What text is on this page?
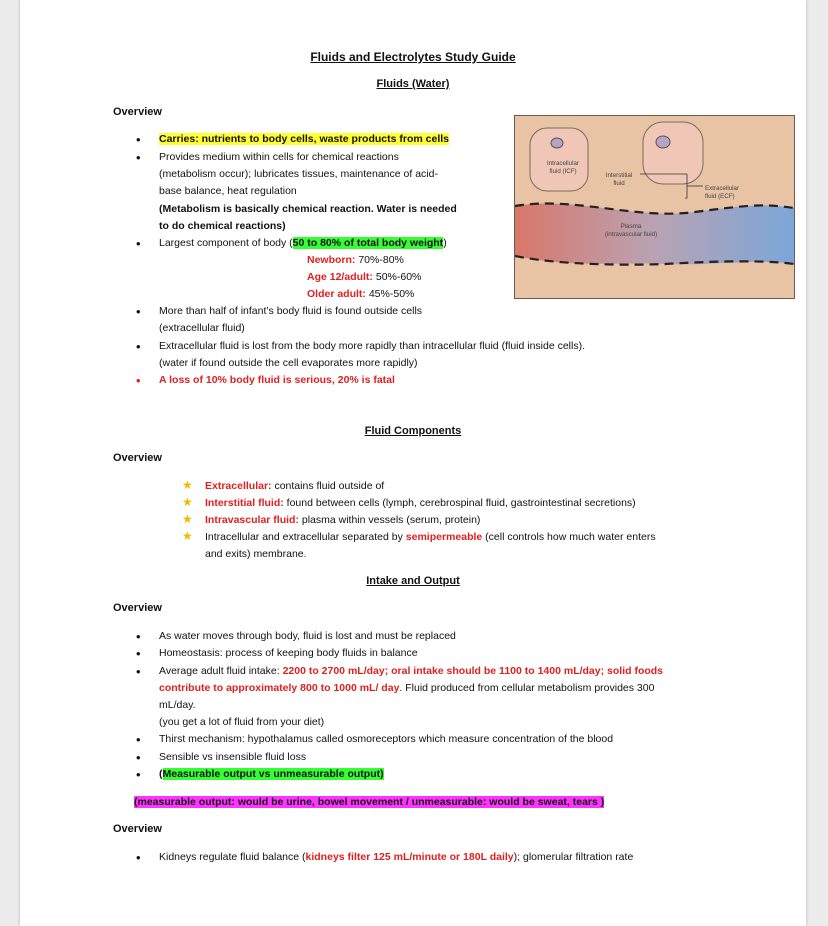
Fluids and Electrolytes Study Guide
Fluids (Water)
Overview
• Carries: nutrients to body cells, waste products from cells
• Provides medium within cells for chemical reactions
(metabolism occur); lubricates tissues, maintenance of acid-
base balance, heat regulation
(Metabolism is basically chemical reaction. Water is needed
to do chemical reactions)
• Largest component of body (50 to 80% of total body weight)
Newborn: 70%-80%
Age 12/adult: 50%-60%
Older adult: 45%-50%
• More than half of infant’s body fluid is found outside cells
(extracellular fluid)
• Extracellular fluid is lost from the body more rapidly than intracellular fluid (fluid inside cells).
(water if found outside the cell evaporates more rapidly)
• A loss of 10% body fluid is serious, 20% is fatal
Intracellular
fluid (ICF)
Interstitial
fluid
Extracellular
fluid (ECF)
Plasma
(intravascular fluid)
Fluid Components
Overview
★ Extracellular: contains fluid outside of
★ Interstitial fluid: found between cells (lymph, cerebrospinal fluid, gastrointestinal secretions)
★ Intravascular fluid: plasma within vessels (serum, protein)
★ Intracellular and extracellular separated by semipermeable (cell controls how much water enters
and exits) membrane.
Intake and Output
Overview
• As water moves through body, fluid is lost and must be replaced
• Homeostasis: process of keeping body fluids in balance
• Average adult fluid intake: 2200 to 2700 mL/day; oral intake should be 1100 to 1400 mL/day; solid foods
contribute to approximately 800 to 1000 mL/ day. Fluid produced from cellular metabolism provides 300
mL/day.
(you get a lot of fluid from your diet)
• Thirst mechanism: hypothalamus called osmoreceptors which measure concentration of the blood
• Sensible vs insensible fluid loss
• (Measurable output vs unmeasurable output)
(measurable output: would be urine, bowel movement / unmeasurable: would be sweat, tears )
Overview
• Kidneys regulate fluid balance (kidneys filter 125 mL/minute or 180L daily); glomerular filtration rate
